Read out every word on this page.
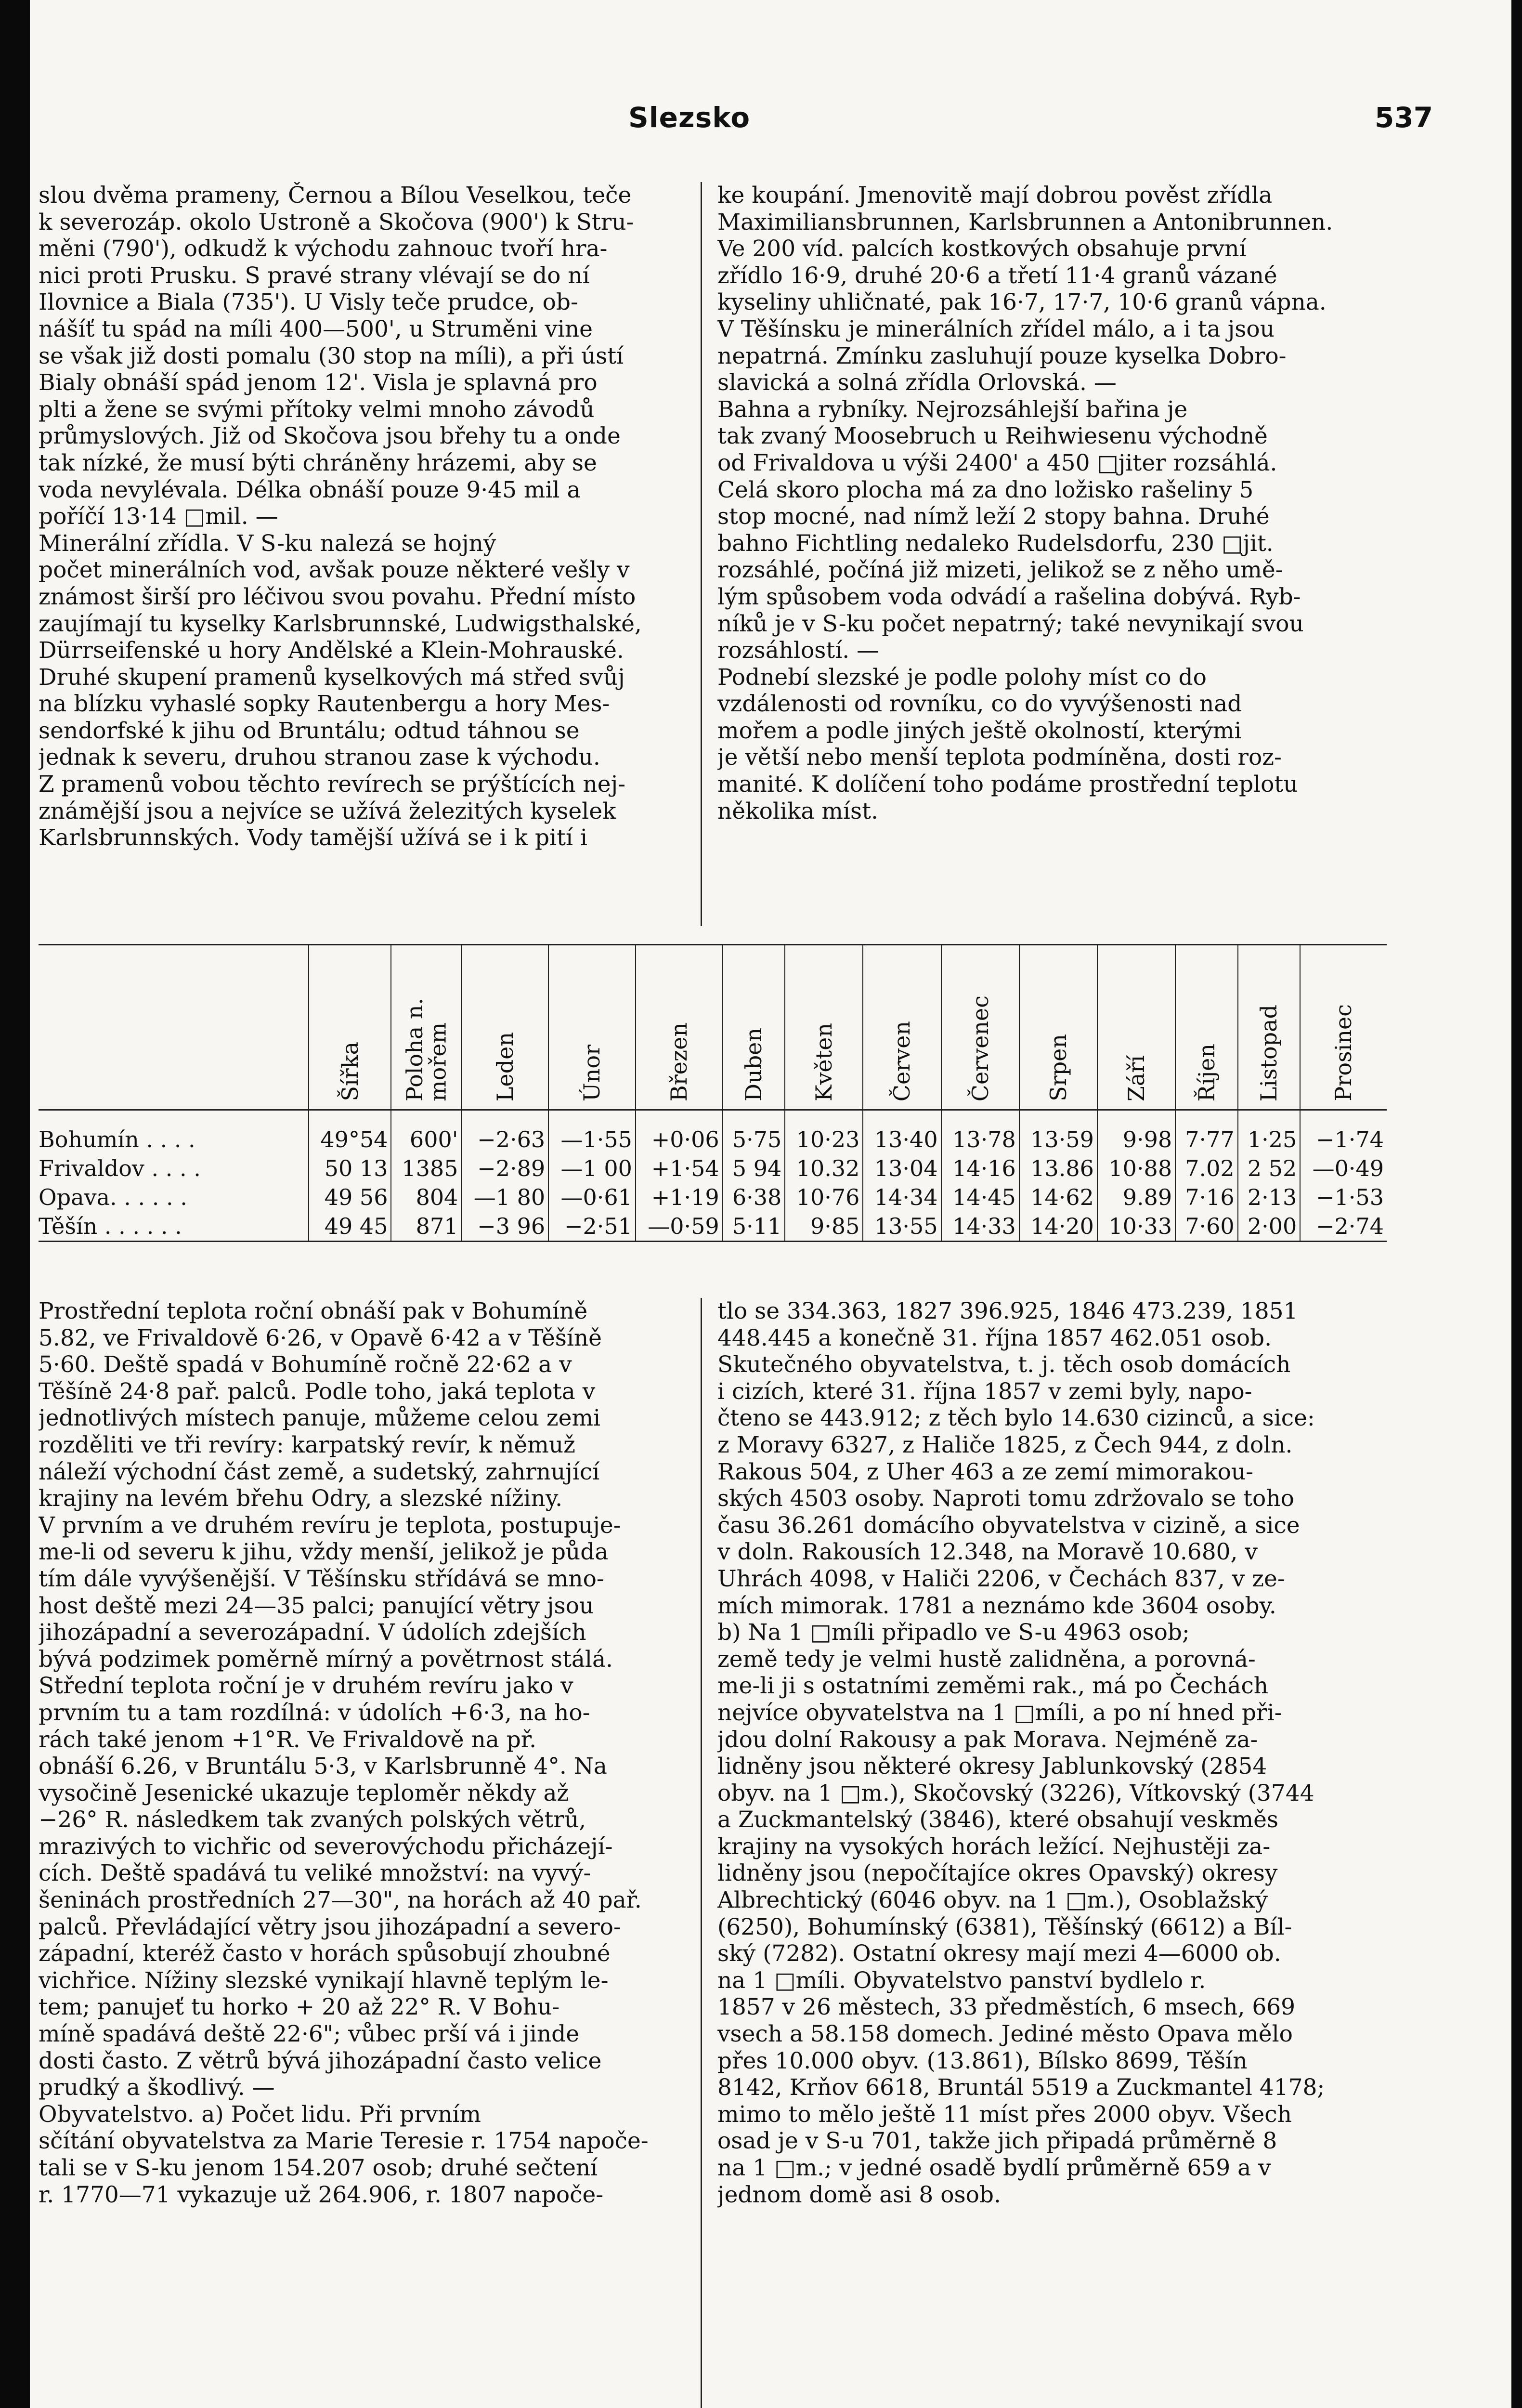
Slezsko	537
slou dvěma prameny, Černou a Bílou Veselkou, teče
k severozáp. okolo Ustroně a Skočova (900') k Stru-
měni (790'), odkudž k východu zahnouc tvoří hra-
nici proti Prusku. S pravé strany vlévají se do ní
Ilovnice a Biala (735'). U Visly teče prudce, ob-
nášíť tu spád na míli 400—500', u Struměni vine
se však již dosti pomalu (30 stop na míli), a při ústí
Bialy obnáší spád jenom 12'. Visla je splavná pro
plti a žene se svými přítoky velmi mnoho závodů
průmyslových. Již od Skočova jsou břehy tu a onde
tak nízké, že musí býti chráněny hrázemi, aby se
voda nevylévala. Délka obnáší pouze 9·45 mil a
poříčí 13·14 □mil. —
Minerální zřídla. V S-ku nalezá se hojný
počet minerálních vod, avšak pouze některé vešly v
známost širší pro léčivou svou povahu. Přední místo
zaujímají tu kyselky Karlsbrunnské, Ludwigsthalské,
Dürrseifenské u hory Andělské a Klein-Mohrauské.
Druhé skupení pramenů kyselkových má střed svůj
na blízku vyhaslé sopky Rautenbergu a hory Mes-
sendorfské k jihu od Bruntálu; odtud táhnou se
jednak k severu, druhou stranou zase k východu.
Z pramenů vobou těchto revírech se prýštících nej-
známější jsou a nejvíce se užívá železitých kyselek
Karlsbrunnských. Vody tamější užívá se i k pití i
ke koupání. Jmenovitě mají dobrou pověst zřídla
Maximiliansbrunnen, Karlsbrunnen a Antonibrunnen.
Ve 200 víd. palcích kostkových obsahuje první
zřídlo 16·9, druhé 20·6 a třetí 11·4 granů vázané
kyseliny uhličnaté, pak 16·7, 17·7, 10·6 granů vápna.
V Těšínsku je minerálních zřídel málo, a i ta jsou
nepatrná. Zmínku zasluhují pouze kyselka Dobro-
slavická a solná zřídla Orlovská. —
Bahna a rybníky. Nejrozsáhlejší bařina je
tak zvaný Moosebruch u Reihwiesenu východně
od Frivaldova u výši 2400' a 450 □jiter rozsáhlá.
Celá skoro plocha má za dno ložisko rašeliny 5
stop mocné, nad nímž leží 2 stopy bahna. Druhé
bahno Fichtling nedaleko Rudelsdorfu, 230 □jit.
rozsáhlé, počíná již mizeti, jelikož se z něho umě-
lým spůsobem voda odvádí a rašelina dobývá. Ryb-
níků je v S-ku počet nepatrný; také nevynikají svou
rozsáhlostí. —
Podnebí slezské je podle polohy míst co do
vzdálenosti od rovníku, co do vyvýšenosti nad
mořem a podle jiných ještě okolností, kterými
je větší nebo menší teplota podmíněna, dosti roz-
manité. K dolíčení toho podáme prostřední teplotu
několika míst.

	Šířka	Poloha n. mořem	Leden	Únor	Březen	Duben	Květen	Červen	Červenec	Srpen	Září	Říjen	Listopad	Prosinec

Bohumín . . . .	49°54	600'	−2·63	—1·55	+0·06	5·75	10·23	13·40	13·78	13·59	9·98	7·77	1·25	−1·74
Frivaldov . . . .	50 13	1385	−2·89	—1 00	+1·54	5 94	10.32	13·04	14·16	13.86	10·88	7.02	2 52	—0·49
Opava. . . . . .	49 56	804	—1 80	—0·61	+1·19	6·38	10·76	14·34	14·45	14·62	9.89	7·16	2·13	−1·53
Těšín . . . . . .	49 45	871	−3 96	−2·51	—0·59	5·11	9·85	13·55	14·33	14·20	10·33	7·60	2·00	−2·74
Prostřední teplota roční obnáší pak v Bohumíně
5.82, ve Frivaldově 6·26, v Opavě 6·42 a v Těšíně
5·60. Deště spadá v Bohumíně ročně 22·62 a v
Těšíně 24·8 pař. palců. Podle toho, jaká teplota v
jednotlivých místech panuje, můžeme celou zemi
rozděliti ve tři revíry: karpatský revír, k němuž
náleží východní část země, a sudetský, zahrnující
krajiny na levém břehu Odry, a slezské nížiny.
V prvním a ve druhém revíru je teplota, postupuje-
me-li od severu k jihu, vždy menší, jelikož je půda
tím dále vyvýšenější. V Těšínsku střídává se mno-
host deště mezi 24—35 palci; panující větry jsou
jihozápadní a severozápadní. V údolích zdejších
bývá podzimek poměrně mírný a povětrnost stálá.
Střední teplota roční je v druhém revíru jako v
prvním tu a tam rozdílná: v údolích +6·3, na ho-
rách také jenom +1°R. Ve Frivaldově na př.
obnáší 6.26, v Bruntálu 5·3, v Karlsbrunně 4°. Na
vysočině Jesenické ukazuje teploměr někdy až
−26° R. následkem tak zvaných polských větrů,
mrazivých to vichřic od severovýchodu přicházejí-
cích. Deště spadává tu veliké množství: na vyvý-
šeninách prostředních 27—30", na horách až 40 pař.
palců. Převládající větry jsou jihozápadní a severo-
západní, kteréž často v horách spůsobují zhoubné
vichřice. Nížiny slezské vynikají hlavně teplým le-
tem; panujeť tu horko + 20 až 22° R. V Bohu-
míně spadává deště 22·6"; vůbec prší vá i jinde
dosti často. Z větrů bývá jihozápadní často velice
prudký a škodlivý. —
Obyvatelstvo. a) Počet lidu. Při prvním
sčítání obyvatelstva za Marie Teresie r. 1754 napoče-
tali se v S-ku jenom 154.207 osob; druhé sečtení
r. 1770—71 vykazuje už 264.906, r. 1807 napoče-
tlo se 334.363, 1827 396.925, 1846 473.239, 1851
448.445 a konečně 31. října 1857 462.051 osob.
Skutečného obyvatelstva, t. j. těch osob domácích
i cizích, které 31. října 1857 v zemi byly, napo-
čteno se 443.912; z těch bylo 14.630 cizinců, a sice:
z Moravy 6327, z Haliče 1825, z Čech 944, z doln.
Rakous 504, z Uher 463 a ze zemí mimorakou-
ských 4503 osoby. Naproti tomu zdržovalo se toho
času 36.261 domácího obyvatelstva v cizině, a sice
v doln. Rakousích 12.348, na Moravě 10.680, v
Uhrách 4098, v Haliči 2206, v Čechách 837, v ze-
mích mimorak. 1781 a neznámo kde 3604 osoby.
b) Na 1 □míli připadlo ve S-u 4963 osob;
země tedy je velmi hustě zalidněna, a porovná-
me-li ji s ostatními zeměmi rak., má po Čechách
nejvíce obyvatelstva na 1 □míli, a po ní hned při-
jdou dolní Rakousy a pak Morava. Nejméně za-
lidněny jsou některé okresy Jablunkovský (2854
obyv. na 1 □m.), Skočovský (3226), Vítkovský (3744
a Zuckmantelský (3846), které obsahují veskměs
krajiny na vysokých horách ležící. Nejhustěji za-
lidněny jsou (nepočítajíce okres Opavský) okresy
Albrechtický (6046 obyv. na 1 □m.), Osoblažský
(6250), Bohumínský (6381), Těšínský (6612) a Bíl-
ský (7282). Ostatní okresy mají mezi 4—6000 ob.
na 1 □míli. Obyvatelstvo panství bydlelo r.
1857 v 26 městech, 33 předměstích, 6 msech, 669
vsech a 58.158 domech. Jediné město Opava mělo
přes 10.000 obyv. (13.861), Bílsko 8699, Těšín
8142, Krňov 6618, Bruntál 5519 a Zuckmantel 4178;
mimo to mělo ještě 11 míst přes 2000 obyv. Všech
osad je v S-u 701, takže jich připadá průměrně 8
na 1 □m.; v jedné osadě bydlí průměrně 659 a v
jednom domě asi 8 osob.
